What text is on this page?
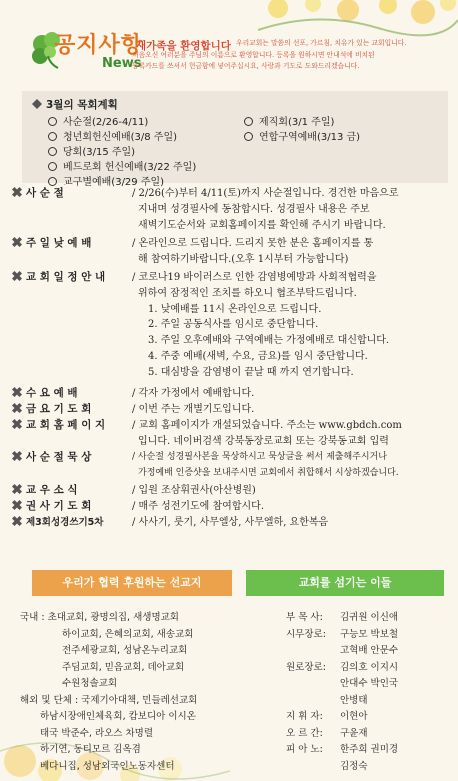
공지사항
News
새가족을 환영합니다 우리교회는 말씀의 선포, 가르침, 치유가 있는 교회입니다.
처음오신 여러분을 주님의 이름으로 환영합니다. 등록을 원하시면 안내석에 비치된
등록카드를 쓰셔서 헌금함에 넣어주십시요, 사랑과 기도로 도와드리겠습니다.
3월의 목회계획
사순절(2/26-4/11)
청년회헌신예배(3/8 주일)
당회(3/15 주일)
베드로회 헌신예배(3/22 주일)
교구별예배(3/29 주일)
제직회(3/1 주일)
연합구역예배(3/13 금)
사 순 절	/ 2/26(수)부터 4/11(토)까지 사순절입니다. 경건한 마음으로

지내며 성경필사에 동참합시다. 성경필사 내용은 주보

새벽기도순서와 교회홈페이지를 확인해 주시기 바랍니다.

주 일 낮 예 배	/ 온라인으로 드립니다. 드리지 못한 분은 홈페이지를 통

해 참여하기바랍니다.(오후 1시부터 가능합니다)

교 회 일 정 안 내	/ 코로나19 바이러스로 인한 감염병예방과 사회적협력을

위하여 잠정적인 조치를 하오니 협조부탁드립니다.

1. 낮예배를 11시 온라인으로 드립니다.

2. 주일 공동식사를 임시로 중단합니다.

3. 주일 오후예배와 구역예배는 가정예배로 대신합니다.

4. 주중 예배(새벽, 수요, 금요)를 임시 중단합니다.

5. 대심방을 감염병이 끝날 때 까지 연기합니다.

수 요 예 배	/ 각자 가정에서 예배합니다.

금 요 기 도 회	/ 이번 주는 개별기도입니다.

교 회 홈 페 이 지	/ 교회 홈페이지가 개설되었습니다. 주소는 www.gbdch.com

입니다. 네이버검색 강북동장로교회 또는 강북동교회 입력

사 순 절 묵 상	/ 사순절 성경필사본을 묵상하시고 묵상글을 써서 제출해주시거나

가정예배 인증샷을 보내주시면 교회에서 취합해서 시상하겠습니다.

교 우 소 식	/ 입원 조삼휘권사(아산병원)

권 사 기 도 회	/ 매주 성전기도에 참여합시다.

제3회성경쓰기5차	/ 사사기, 룻기, 사무엘상, 사무엘하, 요한복음

우리가 협력 후원하는 선교지	교회를 섬기는 이들
국내 : 초대교회, 광명의집, 새생명교회
하이교회, 은혜의교회, 새송교회
전주세광교회, 성남온누리교회
주딤교회, 믿음교회, 데아교회
수원청솔교회
해외 및 단체 : 국제기아대책, 민들레선교회
하남시장애인체육회, 캄보디아 이시온
태국 박준수, 라오스 차명렬
하기연, 동티모르 김옥겸
베다니집, 성남외국인노동자센터
부 목 사: 김귀원 이신애
시무장로: 구능모 박보철
고혁배 안문수
원로장로: 김의호 이지시
안대수 박인국
안병태
지 휘 자: 이현아
오 르 간: 구윤재
피 아 노: 한주희 권미경
김정숙
